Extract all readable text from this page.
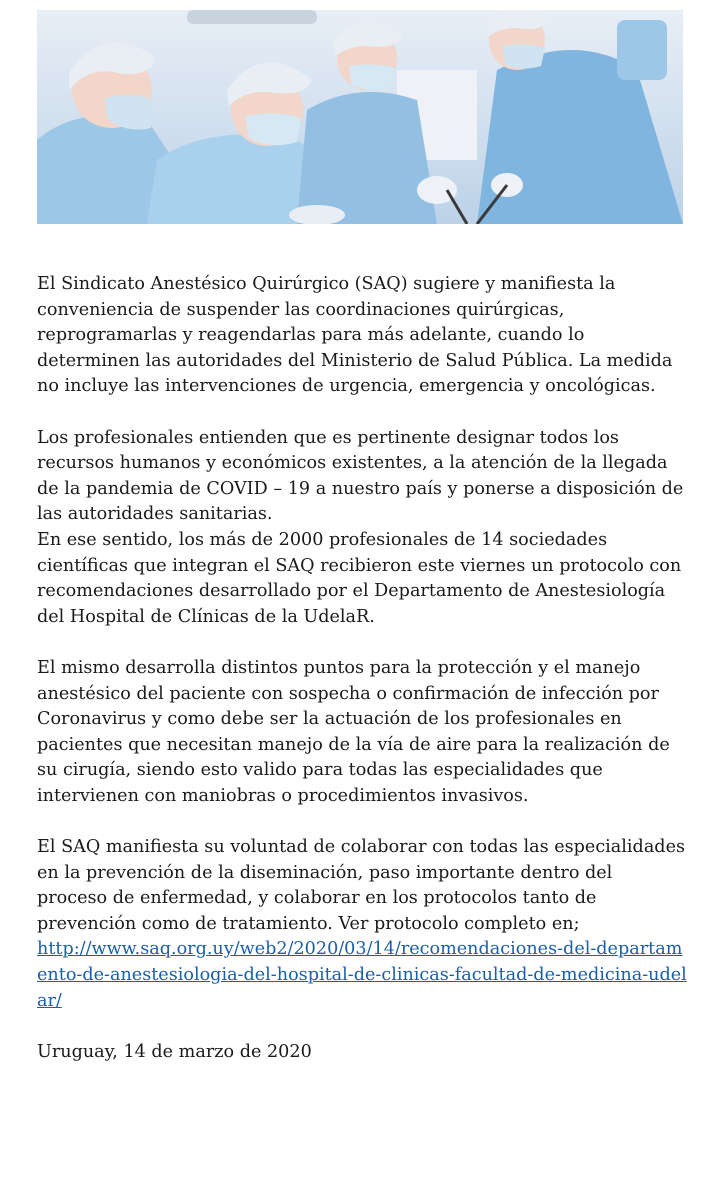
El Sindicato Anestésico Quirúrgico (SAQ) sugiere y manifiesta la conveniencia de suspender las coordinaciones quirúrgicas, reprogramarlas y reagendarlas para más adelante, cuando lo determinen las autoridades del Ministerio de Salud Pública. La medida no incluye las intervenciones de urgencia, emergencia y oncológicas.

Los profesionales entienden que es pertinente designar todos los recursos humanos y económicos existentes, a la atención de la llegada de la pandemia de COVID – 19 a nuestro país y ponerse a disposición de las autoridades sanitarias.

En ese sentido, los más de 2000 profesionales de 14 sociedades científicas que integran el SAQ recibieron este viernes un protocolo con recomendaciones desarrollado por el Departamento de Anestesiología del Hospital de Clínicas de la UdelaR.

El mismo desarrolla distintos puntos para la protección y el manejo anestésico del paciente con sospecha o confirmación de infección por Coronavirus y como debe ser la actuación de los profesionales en pacientes que necesitan manejo de la vía de aire para la realización de su cirugía, siendo esto valido para todas las especialidades que intervienen con maniobras o procedimientos invasivos.

El SAQ manifiesta su voluntad de colaborar con todas las especialidades en la prevención de la diseminación, paso importante dentro del proceso de enfermedad, y colaborar en los protocolos tanto de prevención como de tratamiento. Ver protocolo completo en;
http://www.saq.org.uy/web2/2020/03/14/recomendaciones-del-departamento-de-anestesiologia-del-hospital-de-clinicas-facultad-de-medicina-udelar/

Uruguay, 14 de marzo de 2020
